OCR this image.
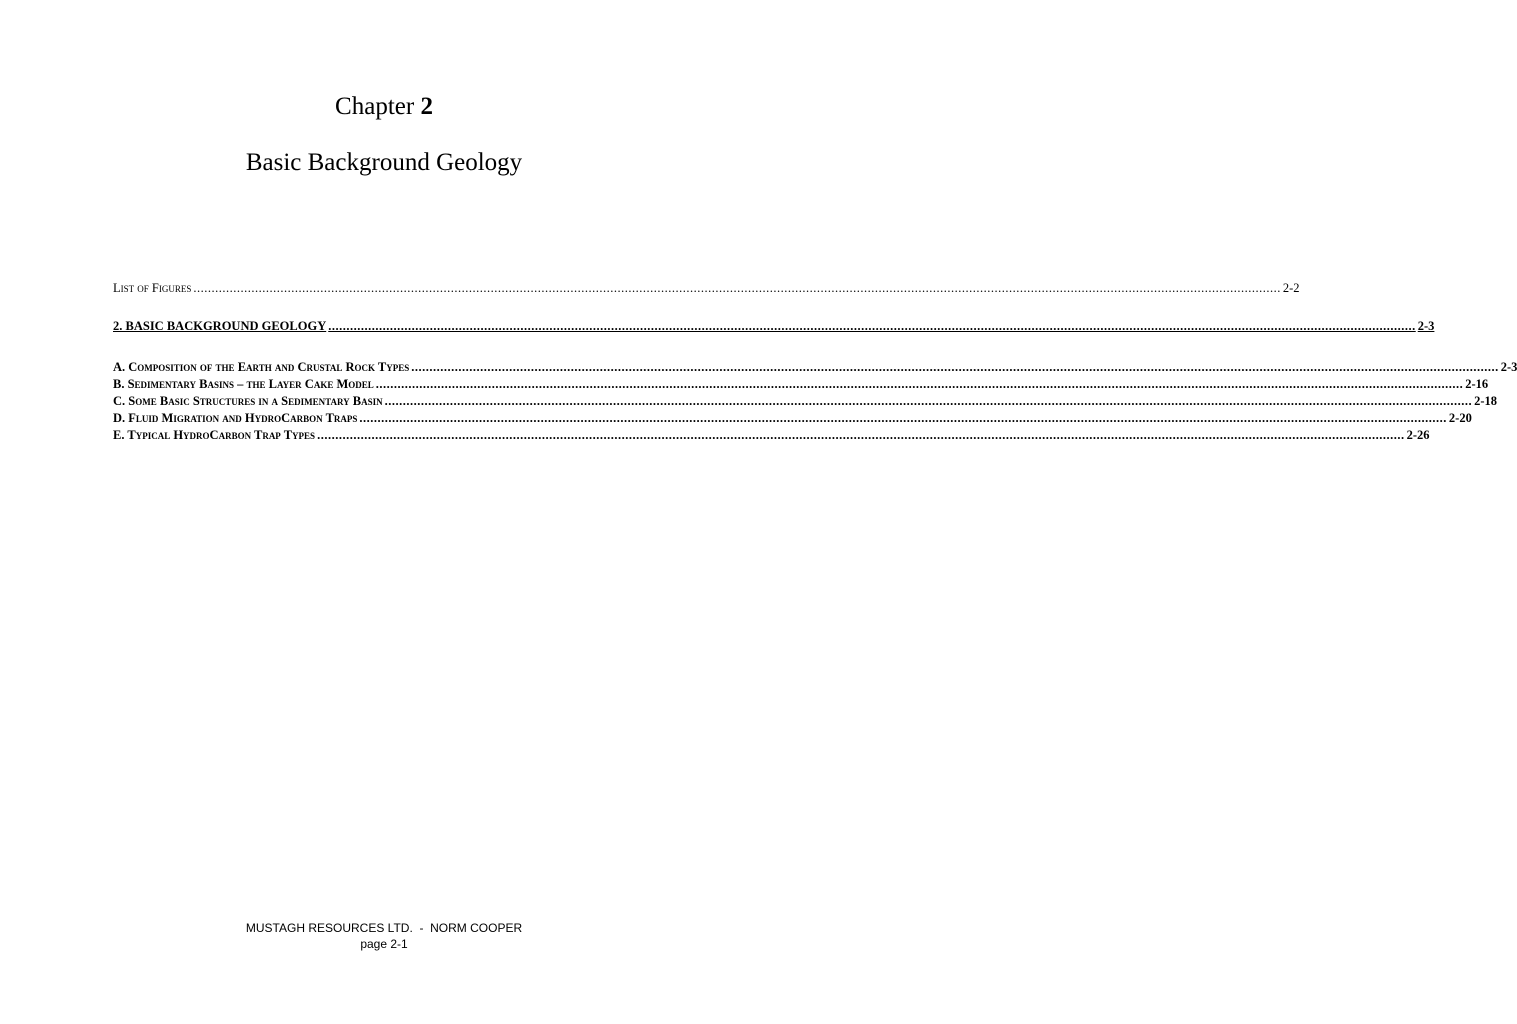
Chapter 2
Basic Background Geology
List of Figures ............................................................................................................................................................................................................................................................................................................ 2-2
2. BASIC BACKGROUND GEOLOGY ............................................................................................................................................................................................................................................................................................................ 2-3
A. Composition of the Earth and Crustal Rock Types ............................................................................................................................................................................................................................................................................................................ 2-3
B. Sedimentary Basins – the Layer Cake Model ............................................................................................................................................................................................................................................................................................................ 2-16
C. Some Basic Structures in a Sedimentary Basin ............................................................................................................................................................................................................................................................................................................ 2-18
D. Fluid Migration and HydroCarbon Traps ............................................................................................................................................................................................................................................................................................................ 2-20
E. Typical HydroCarbon Trap Types ............................................................................................................................................................................................................................................................................................................ 2-26
MUSTAGH RESOURCES LTD.  -  NORM COOPER
page 2-1
